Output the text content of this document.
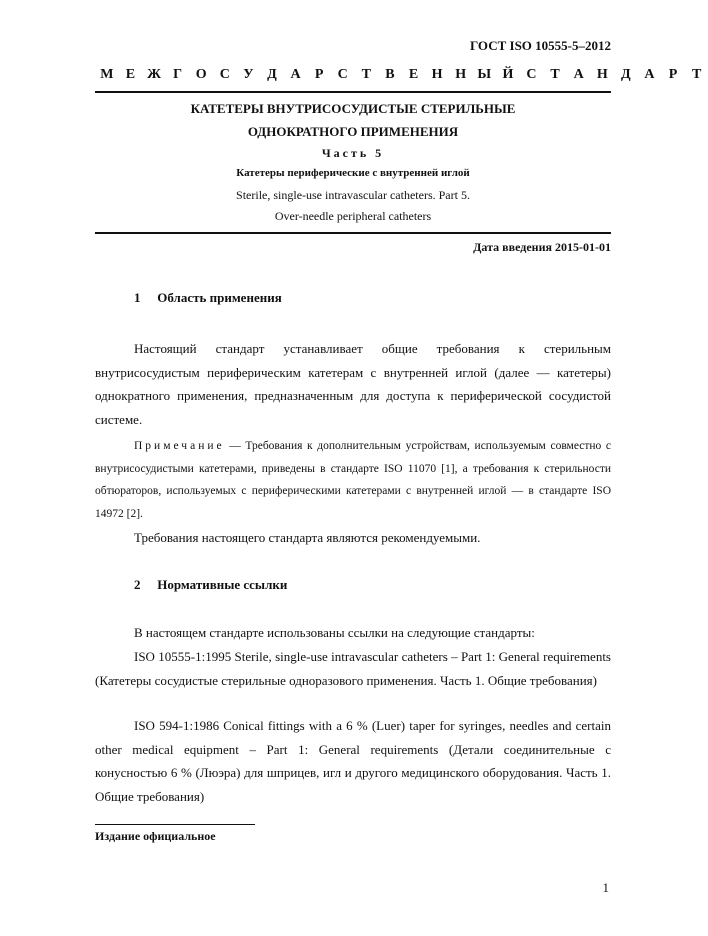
ГОСТ ISO 10555-5–2012
М Е Ж Г О С У Д А	Р	С Т	В	Е Н Н Ы Й С Т А Н Д А	Р	Т
КАТЕТЕРЫ ВНУТРИСОСУДИСТЫЕ СТЕРИЛЬНЫЕ
ОДНОКРАТНОГО ПРИМЕНЕНИЯ
Часть 5
Катетеры периферические с внутренней иглой
Sterile, single-use intravascular catheters. Part 5.
Over-needle peripheral catheters
Дата введения 2015-01-01
1 Область применения
Настоящий стандарт устанавливает общие требования к стерильным внутрисосудистым периферическим катетерам с внутренней иглой (далее — катетеры) однократного применения, предназначенным для доступа к периферической сосудистой системе.
Примечание — Требования к дополнительным устройствам, используемым совместно с внутрисосудистыми катетерами, приведены в стандарте ISO 11070 [1], а требования к стерильности обтюраторов, используемых с периферическими катетерами с внутренней иглой — в стандарте ISO 14972 [2].
Требования настоящего стандарта являются рекомендуемыми.
2 Нормативные ссылки
В настоящем стандарте использованы ссылки на следующие стандарты:
ISO 10555-1:1995 Sterile, single-use intravascular catheters – Part 1: General requirements (Катетеры сосудистые стерильные одноразового применения. Часть 1. Общие требования)
ISO 594-1:1986 Conical fittings with a 6 % (Luer) taper for syringes, needles and certain other medical equipment – Part 1: General requirements (Детали соединительные с конусностью 6 % (Люэра) для шприцев, игл и другого медицинского оборудования. Часть 1. Общие требования)
Издание официальное
1
